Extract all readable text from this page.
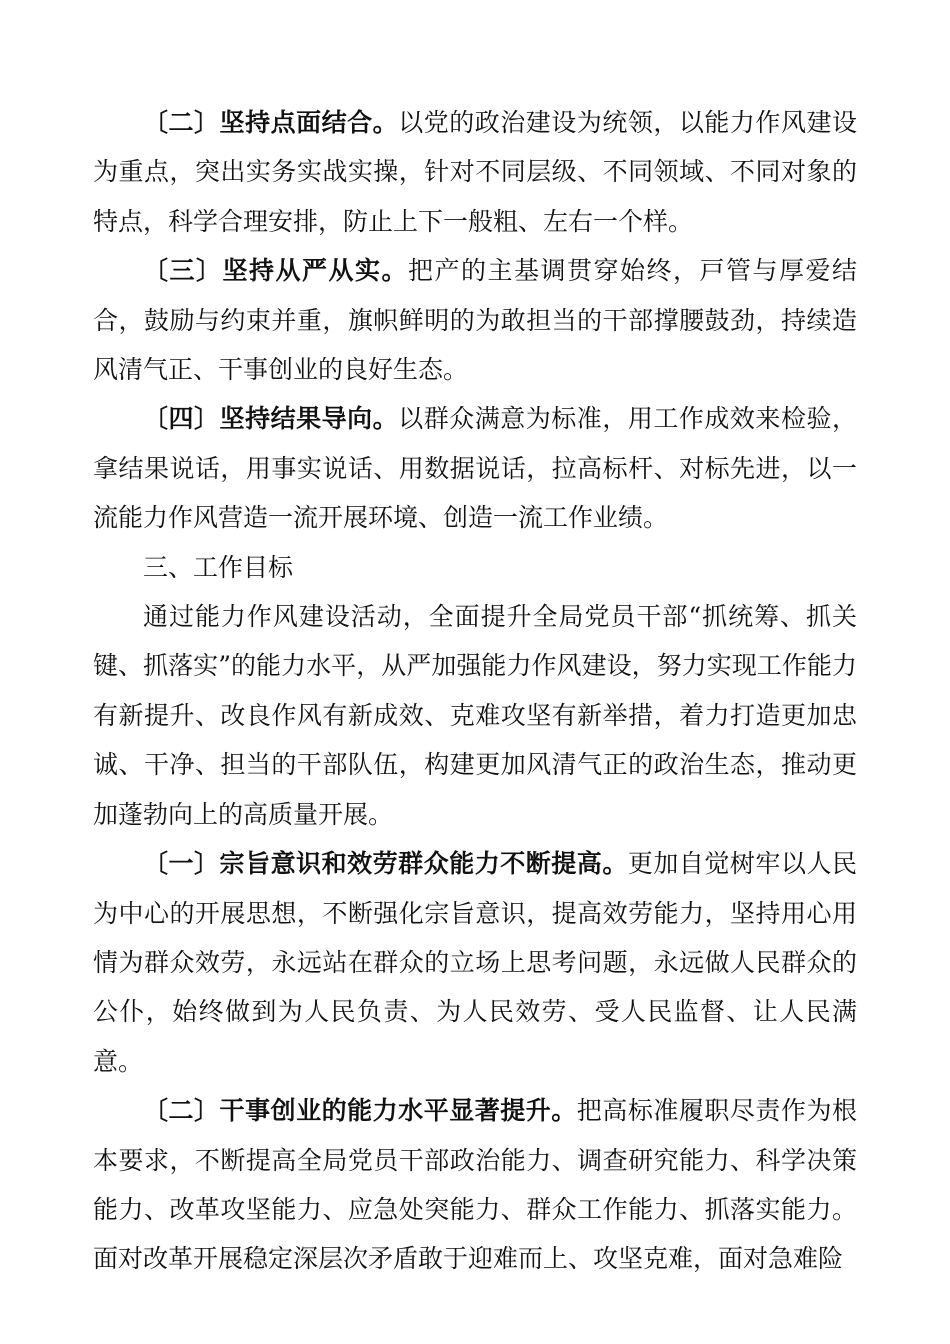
〔二〕坚持点面结合。以党的政治建设为统领，以能力作风建设为重点，突出实务实战实操，针对不同层级、不同领域、不同对象的特点，科学合理安排，防止上下一般粗、左右一个样。

〔三〕坚持从严从实。把产的主基调贯穿始终，戸管与厚爱结合，鼓励与约束并重，旗帜鲜明的为敢担当的干部撑腰鼓劲，持续造风清气正、干事创业的良好生态。

〔四〕坚持结果导向。以群众满意为标准，用工作成效来检验，拿结果说话，用事实说话、用数据说话，拉高标杆、对标先进，以一流能力作风营造一流开展环境、创造一流工作业绩。

三、工作目标

通过能力作风建设活动，全面提升全局党员干部“抓统筹、抓关键、抓落实”的能力水平，从严加强能力作风建设，努力实现工作能力有新提升、改良作风有新成效、克难攻坚有新举措，着力打造更加忠诚、干净、担当的干部队伍，构建更加风清气正的政治生态，推动更加蓬勃向上的高质量开展。

〔一〕宗旨意识和效劳群众能力不断提高。更加自觉树牢以人民为中心的开展思想，不断强化宗旨意识，提高效劳能力，坚持用心用情为群众效劳，永远站在群众的立场上思考问题，永远做人民群众的公仆，始终做到为人民负责、为人民效劳、受人民监督、让人民满意。

〔二〕干事创业的能力水平显著提升。把高标准履职尽责作为根本要求，不断提高全局党员干部政治能力、调查研究能力、科学决策能力、改革攻坚能力、应急处突能力、群众工作能力、抓落实能力。面对改革开展稳定深层次矛盾敢于迎难而上、攻坚克难，面对急难险
